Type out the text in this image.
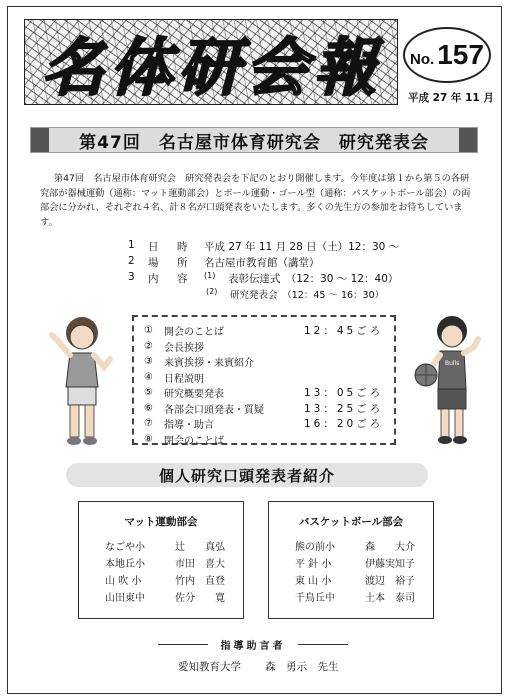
名体研会報	No. 157
平成 27 年 11 月
第47回　名古屋市体育研究会　研究発表会
第47回　名古屋市体育研究会　研究発表会を下記のとおり開催します。今年度は第１から第５の各研究部が器械運動（通称：マット運動部会）とボール運動・ゴール型（通称：バスケットボール部会）の両部会に分かれ、それぞれ４名、計８名が口頭発表をいたします。多くの先生方の参加をお待ちしています。
1	日　時	平成 27 年 11 月 28 日（土）12：30 ～
2	場　所	名古屋市教育館（講堂）
3	内　容	(1)	表彰伝達式　（12：30 ～ 12：40）
(2)	研究発表会　（12：45 ～ 16：30）
①	開会のことば	12：45ごろ
②	会長挨拶
③	来賓挨拶・来賓紹介
④	日程説明
⑤	研究概要発表	13：05ごろ
⑥	各部会口頭発表・質疑	13：25ごろ
⑦	指導・助言	16：20ごろ
⑧	閉会のことば
Bulls
個人研究口頭発表者紹介
マット運動部会
なごや小	辻　　真弘
本地丘小	市田　喜大
山 吹 小	竹内　直登
山田東中	佐分　　寛
バスケットボール部会
熊の前小	森　　大介
平 針 小	伊藤実知子
東 山 小	渡辺　裕子
千鳥丘中	土本　泰司
指導助言者
愛知教育大学 森　勇示　先生
